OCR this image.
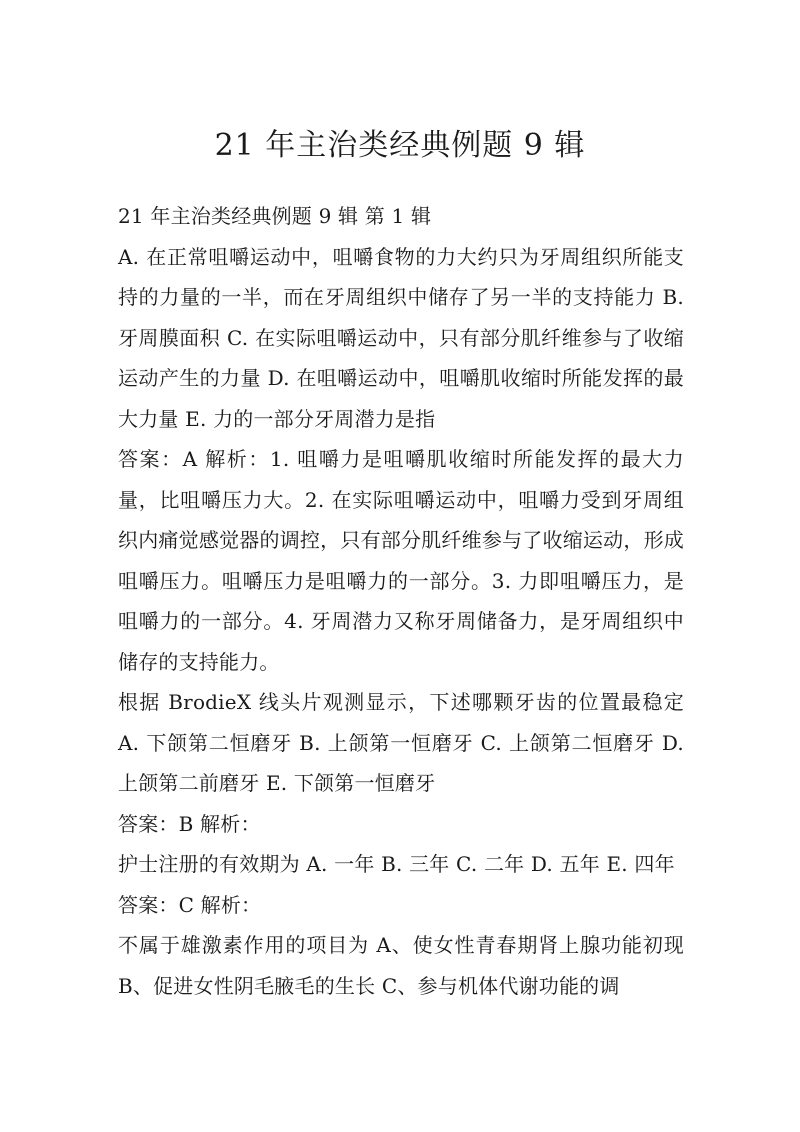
21 年主治类经典例题 9 辑

21 年主治类经典例题 9 辑 第 1 辑

A. 在正常咀嚼运动中，咀嚼食物的力大约只为牙周组织所能支持的力量的一半，而在牙周组织中储存了另一半的支持能力 B. 牙周膜面积 C. 在实际咀嚼运动中，只有部分肌纤维参与了收缩运动产生的力量 D. 在咀嚼运动中，咀嚼肌收缩时所能发挥的最大力量 E. 力的一部分牙周潜力是指

答案：A 解析：1. 咀嚼力是咀嚼肌收缩时所能发挥的最大力量，比咀嚼压力大。2. 在实际咀嚼运动中，咀嚼力受到牙周组织内痛觉感觉器的调控，只有部分肌纤维参与了收缩运动，形成咀嚼压力。咀嚼压力是咀嚼力的一部分。3. 力即咀嚼压力，是咀嚼力的一部分。4. 牙周潜力又称牙周储备力，是牙周组织中储存的支持能力。

根据 BrodieX 线头片观测显示，下述哪颗牙齿的位置最稳定 A. 下颌第二恒磨牙 B. 上颌第一恒磨牙 C. 上颌第二恒磨牙 D. 上颌第二前磨牙 E. 下颌第一恒磨牙

答案：B 解析：

护士注册的有效期为 A. 一年 B. 三年 C. 二年 D. 五年 E. 四年

答案：C 解析：

不属于雄激素作用的项目为 A、使女性青春期肾上腺功能初现 B、促进女性阴毛腋毛的生长 C、参与机体代谢功能的调
